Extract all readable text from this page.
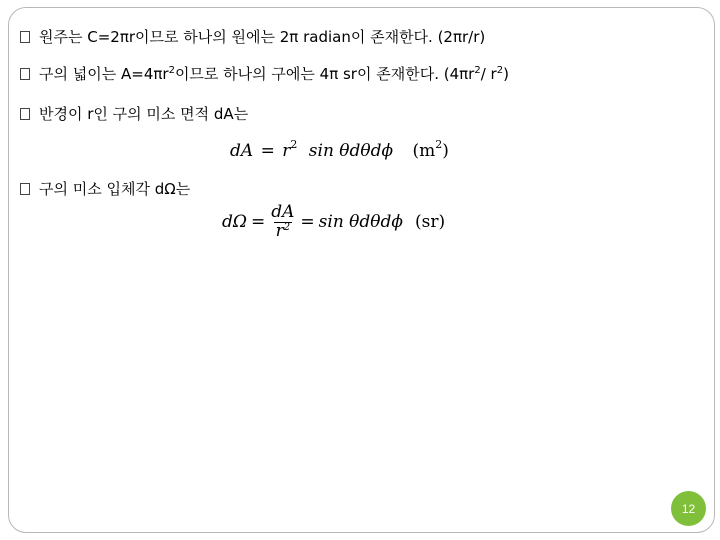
원주는 C=2πr이므로 하나의 원에는 2π radian이 존재한다. (2πr/r)
구의 넓이는 $A=4\pi r^2$이므로 하나의 구에는 4π sr이 존재한다. ($4\pi r^2/$ $r^2$)
반경이 r인 구의 미소 면적 dA는
dA = $r^2$ sin θdθdϕ $(m^2)$
구의 미소 입체각 dΩ는
$d\Omega = \frac{dA}{r^2} = \sin \theta d\theta d\phi$ (sr)
12
